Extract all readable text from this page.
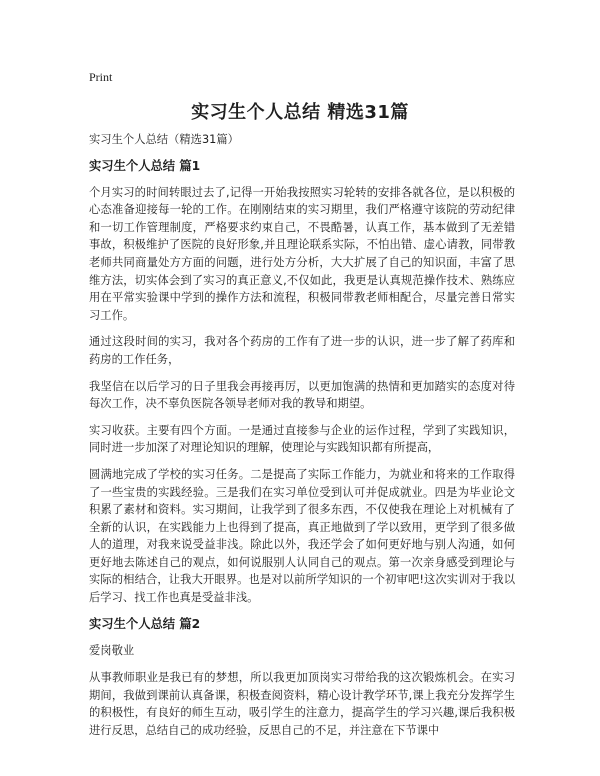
Print
实习生个人总结 精选31篇

实习生个人总结（精选31篇）

实习生个人总结 篇1

个月实习的时间转眼过去了,记得一开始我按照实习轮转的安排各就各位，是以积极的心态准备迎接每一轮的工作。在刚刚结束的实习期里，我们严格遵守该院的劳动纪律和一切工作管理制度，严格要求约束自己，不畏酷暑，认真工作，基本做到了无差错事故，积极维护了医院的良好形象,并且理论联系实际，不怕出错、虚心请教，同带教老师共同商量处方方面的问题，进行处方分析，大大扩展了自己的知识面，丰富了思维方法，切实体会到了实习的真正意义,不仅如此，我更是认真规范操作技术、熟练应用在平常实验课中学到的操作方法和流程，积极同带教老师相配合，尽量完善日常实习工作。

通过这段时间的实习，我对各个药房的工作有了进一步的认识，进一步了解了药库和药房的工作任务，

我坚信在以后学习的日子里我会再接再厉，以更加饱满的热情和更加踏实的态度对待每次工作，决不辜负医院各领导老师对我的教导和期望。

实习收获。主要有四个方面。一是通过直接参与企业的运作过程，学到了实践知识，同时进一步加深了对理论知识的理解，使理论与实践知识都有所提高，

圆满地完成了学校的实习任务。二是提高了实际工作能力，为就业和将来的工作取得了一些宝贵的实践经验。三是我们在实习单位受到认可并促成就业。四是为毕业论文积累了素材和资料。实习期间，让我学到了很多东西，不仅使我在理论上对机械有了全新的认识，在实践能力上也得到了提高，真正地做到了学以致用，更学到了很多做人的道理，对我来说受益非浅。除此以外，我还学会了如何更好地与别人沟通，如何更好地去陈述自己的观点，如何说服别人认同自己的观点。第一次亲身感受到理论与实际的相结合，让我大开眼界。也是对以前所学知识的一个初审吧!这次实训对于我以后学习、找工作也真是受益非浅。

实习生个人总结 篇2

爱岗敬业

从事教师职业是我已有的梦想，所以我更加顶岗实习带给我的这次锻炼机会。在实习期间，我做到课前认真备课，积极查阅资料，精心设计教学环节,课上我充分发挥学生的积极性，有良好的师生互动，吸引学生的注意力，提高学生的学习兴趣,课后我积极进行反思，总结自己的成功经验，反思自己的不足，并注意在下节课中
